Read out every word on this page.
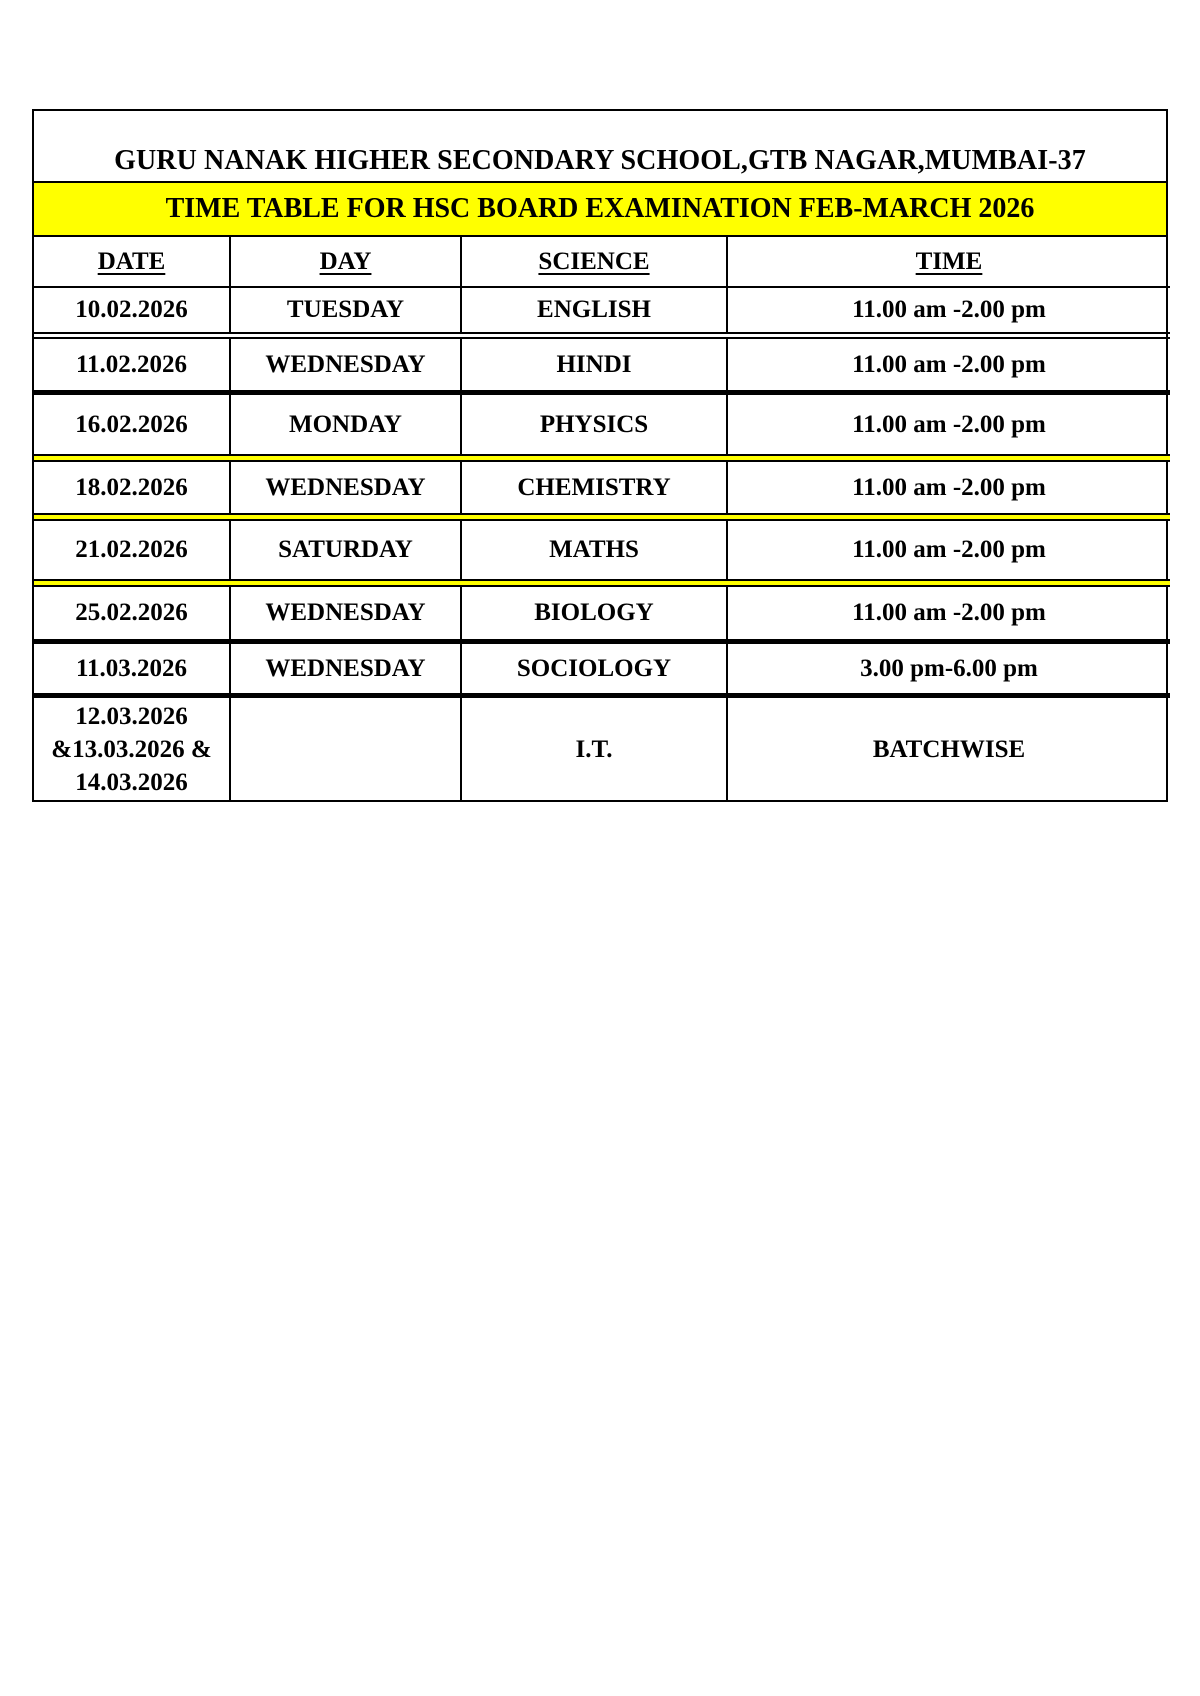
GURU NANAK HIGHER SECONDARY SCHOOL,GTB NAGAR,MUMBAI-37
TIME TABLE FOR HSC BOARD EXAMINATION FEB-MARCH 2026
DATE	DAY	SCIENCE	TIME
10.02.2026	TUESDAY	ENGLISH	11.00 am -2.00 pm

11.02.2026	WEDNESDAY	HINDI	11.00 am -2.00 pm

16.02.2026	MONDAY	PHYSICS	11.00 am -2.00 pm

18.02.2026	WEDNESDAY	CHEMISTRY	11.00 am -2.00 pm

21.02.2026	SATURDAY	MATHS	11.00 am -2.00 pm

25.02.2026	WEDNESDAY	BIOLOGY	11.00 am -2.00 pm

11.03.2026	WEDNESDAY	SOCIOLOGY	3.00 pm-6.00 pm

12.03.2026
&13.03.2026 &
14.03.2026		I.T.	BATCHWISE
